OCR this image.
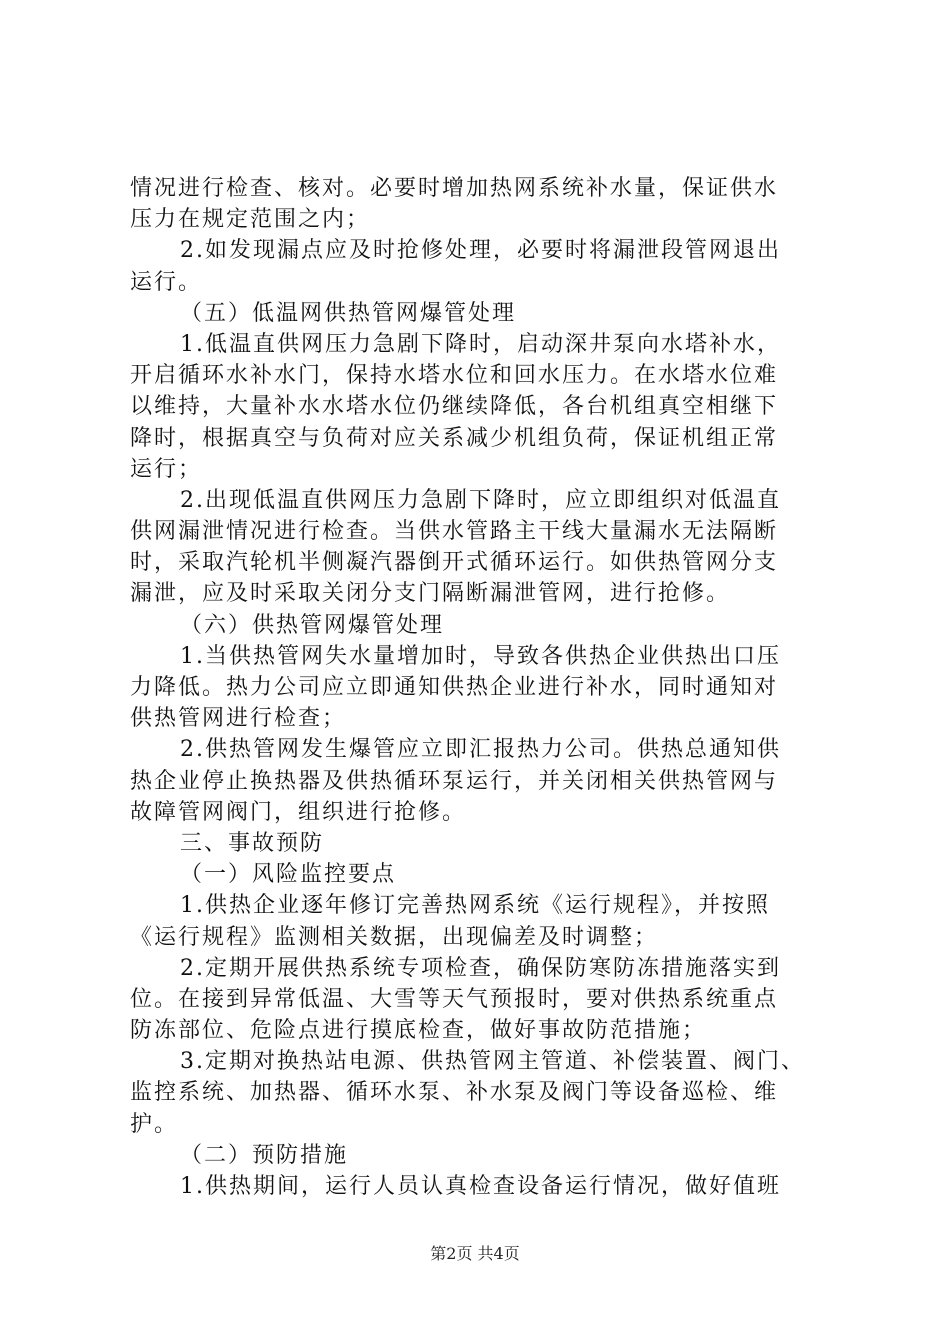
情况进行检查、核对。必要时增加热网系统补水量，保证供水
压力在规定范围之内；
2.如发现漏点应及时抢修处理，必要时将漏泄段管网退出
运行。
（五）低温网供热管网爆管处理
1.低温直供网压力急剧下降时，启动深井泵向水塔补水，
开启循环水补水门，保持水塔水位和回水压力。在水塔水位难
以维持，大量补水水塔水位仍继续降低，各台机组真空相继下
降时，根据真空与负荷对应关系减少机组负荷，保证机组正常
运行；
2.出现低温直供网压力急剧下降时，应立即组织对低温直
供网漏泄情况进行检查。当供水管路主干线大量漏水无法隔断
时，采取汽轮机半侧凝汽器倒开式循环运行。如供热管网分支
漏泄，应及时采取关闭分支门隔断漏泄管网，进行抢修。
（六）供热管网爆管处理
1.当供热管网失水量增加时，导致各供热企业供热出口压
力降低。热力公司应立即通知供热企业进行补水，同时通知对
供热管网进行检查；
2.供热管网发生爆管应立即汇报热力公司。供热总通知供
热企业停止换热器及供热循环泵运行，并关闭相关供热管网与
故障管网阀门，组织进行抢修。
三、事故预防
（一）风险监控要点
1.供热企业逐年修订完善热网系统《运行规程》，并按照
《运行规程》监测相关数据，出现偏差及时调整；
2.定期开展供热系统专项检查，确保防寒防冻措施落实到
位。在接到异常低温、大雪等天气预报时，要对供热系统重点
防冻部位、危险点进行摸底检查，做好事故防范措施；
3.定期对换热站电源、供热管网主管道、补偿装置、阀门、
监控系统、加热器、循环水泵、补水泵及阀门等设备巡检、维
护。
（二）预防措施
1.供热期间，运行人员认真检查设备运行情况，做好值班
第2页 共4页
